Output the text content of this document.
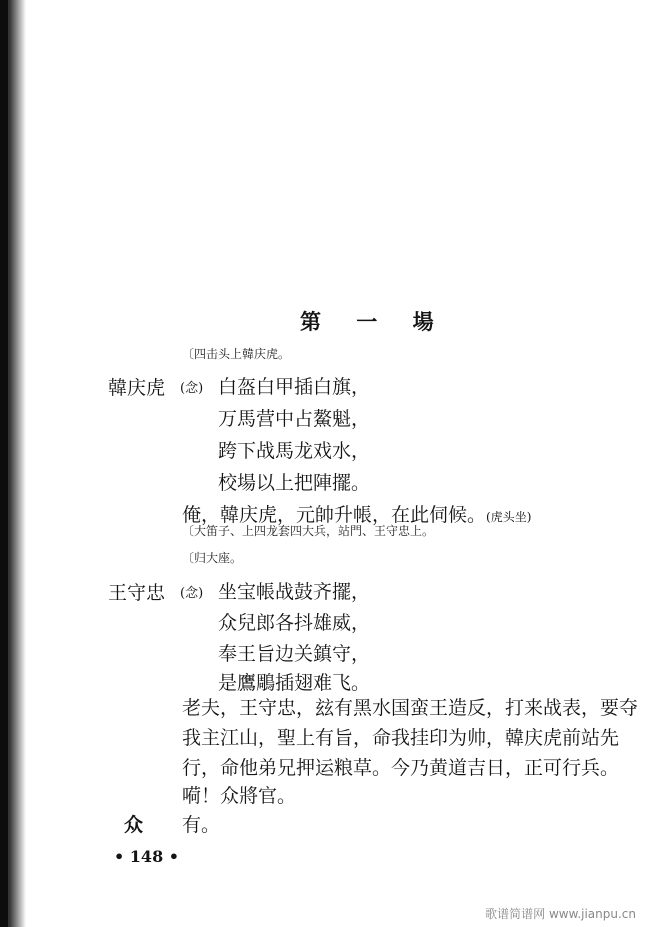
第 一 場
〔四击头上韓庆虎。
韓庆虎 (念) 白盔白甲插白旗，
万馬营中占鰲魁，
跨下战馬龙戏水，
校場以上把陣擺。
俺，韓庆虎，元帥升帳，在此伺候。(虎头坐)
〔大笛子、上四龙套四大兵，站門、王守忠上。
〔归大座。
王守忠 (念) 坐宝帳战鼓齐擺，
众兒郎各抖雄威，
奉王旨边关鎮守，
是鷹鵰插翅难飞。
老夫，王守忠，玆有黑水国蛮王造反，打来战表，要夺
我主江山，聖上有旨，命我挂印为帅，韓庆虎前站先
行，命他弟兄押运粮草。今乃黄道吉日，正可行兵。
嗬！众將官。
众 有。
• 148 •
歌谱简谱网 www.jianpu.cn
